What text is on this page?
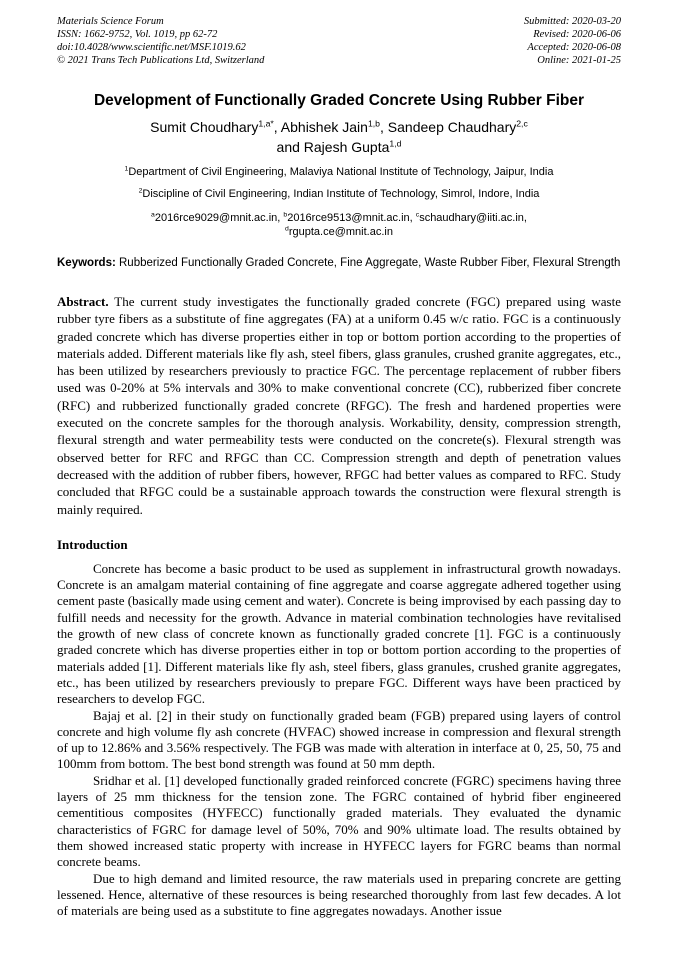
Materials Science Forum
ISSN: 1662-9752, Vol. 1019, pp 62-72
doi:10.4028/www.scientific.net/MSF.1019.62
© 2021 Trans Tech Publications Ltd, Switzerland
Submitted: 2020-03-20
Revised: 2020-06-06
Accepted: 2020-06-08
Online: 2021-01-25
Development of Functionally Graded Concrete Using Rubber Fiber
Sumit Choudhary$^{1,a*}$, Abhishek Jain$^{1,b}$, Sandeep Chaudhary$^{2,c}$
and Rajesh Gupta$^{1,d}$
$^1$Department of Civil Engineering, Malaviya National Institute of Technology, Jaipur, India
$^2$Discipline of Civil Engineering, Indian Institute of Technology, Simrol, Indore, India
$^a$2016rce9029@mnit.ac.in, $^b$2016rce9513@mnit.ac.in, $^c$schaudhary@iiti.ac.in,
$^d$rgupta.ce@mnit.ac.in
Keywords: Rubberized Functionally Graded Concrete, Fine Aggregate, Waste Rubber Fiber, Flexural Strength
Abstract. The current study investigates the functionally graded concrete (FGC) prepared using waste rubber tyre fibers as a substitute of fine aggregates (FA) at a uniform 0.45 w/c ratio. FGC is a continuously graded concrete which has diverse properties either in top or bottom portion according to the properties of materials added. Different materials like fly ash, steel fibers, glass granules, crushed granite aggregates, etc., has been utilized by researchers previously to practice FGC. The percentage replacement of rubber fibers used was 0-20% at 5% intervals and 30% to make conventional concrete (CC), rubberized fiber concrete (RFC) and rubberized functionally graded concrete (RFGC). The fresh and hardened properties were executed on the concrete samples for the thorough analysis. Workability, density, compression strength, flexural strength and water permeability tests were conducted on the concrete(s). Flexural strength was observed better for RFC and RFGC than CC. Compression strength and depth of penetration values decreased with the addition of rubber fibers, however, RFGC had better values as compared to RFC. Study concluded that RFGC could be a sustainable approach towards the construction were flexural strength is mainly required.
Introduction

Concrete has become a basic product to be used as supplement in infrastructural growth nowadays. Concrete is an amalgam material containing of fine aggregate and coarse aggregate adhered together using cement paste (basically made using cement and water). Concrete is being improvised by each passing day to fulfill needs and necessity for the growth. Advance in material combination technologies have revitalised the growth of new class of concrete known as functionally graded concrete [1]. FGC is a continuously graded concrete which has diverse properties either in top or bottom portion according to the properties of materials added [1]. Different materials like fly ash, steel fibers, glass granules, crushed granite aggregates, etc., has been utilized by researchers previously to prepare FGC. Different ways have been practiced by researchers to develop FGC.

Bajaj et al. [2] in their study on functionally graded beam (FGB) prepared using layers of control concrete and high volume fly ash concrete (HVFAC) showed increase in compression and flexural strength of up to 12.86% and 3.56% respectively. The FGB was made with alteration in interface at 0, 25, 50, 75 and 100mm from bottom. The best bond strength was found at 50 mm depth.

Sridhar et al. [1] developed functionally graded reinforced concrete (FGRC) specimens having three layers of 25 mm thickness for the tension zone. The FGRC contained of hybrid fiber engineered cementitious composites (HYFECC) functionally graded materials. They evaluated the dynamic characteristics of FGRC for damage level of 50%, 70% and 90% ultimate load. The results obtained by them showed increased static property with increase in HYFECC layers for FGRC beams than normal concrete beams.

Due to high demand and limited resource, the raw materials used in preparing concrete are getting lessened. Hence, alternative of these resources is being researched thoroughly from last few decades. A lot of materials are being used as a substitute to fine aggregates nowadays. Another issue
